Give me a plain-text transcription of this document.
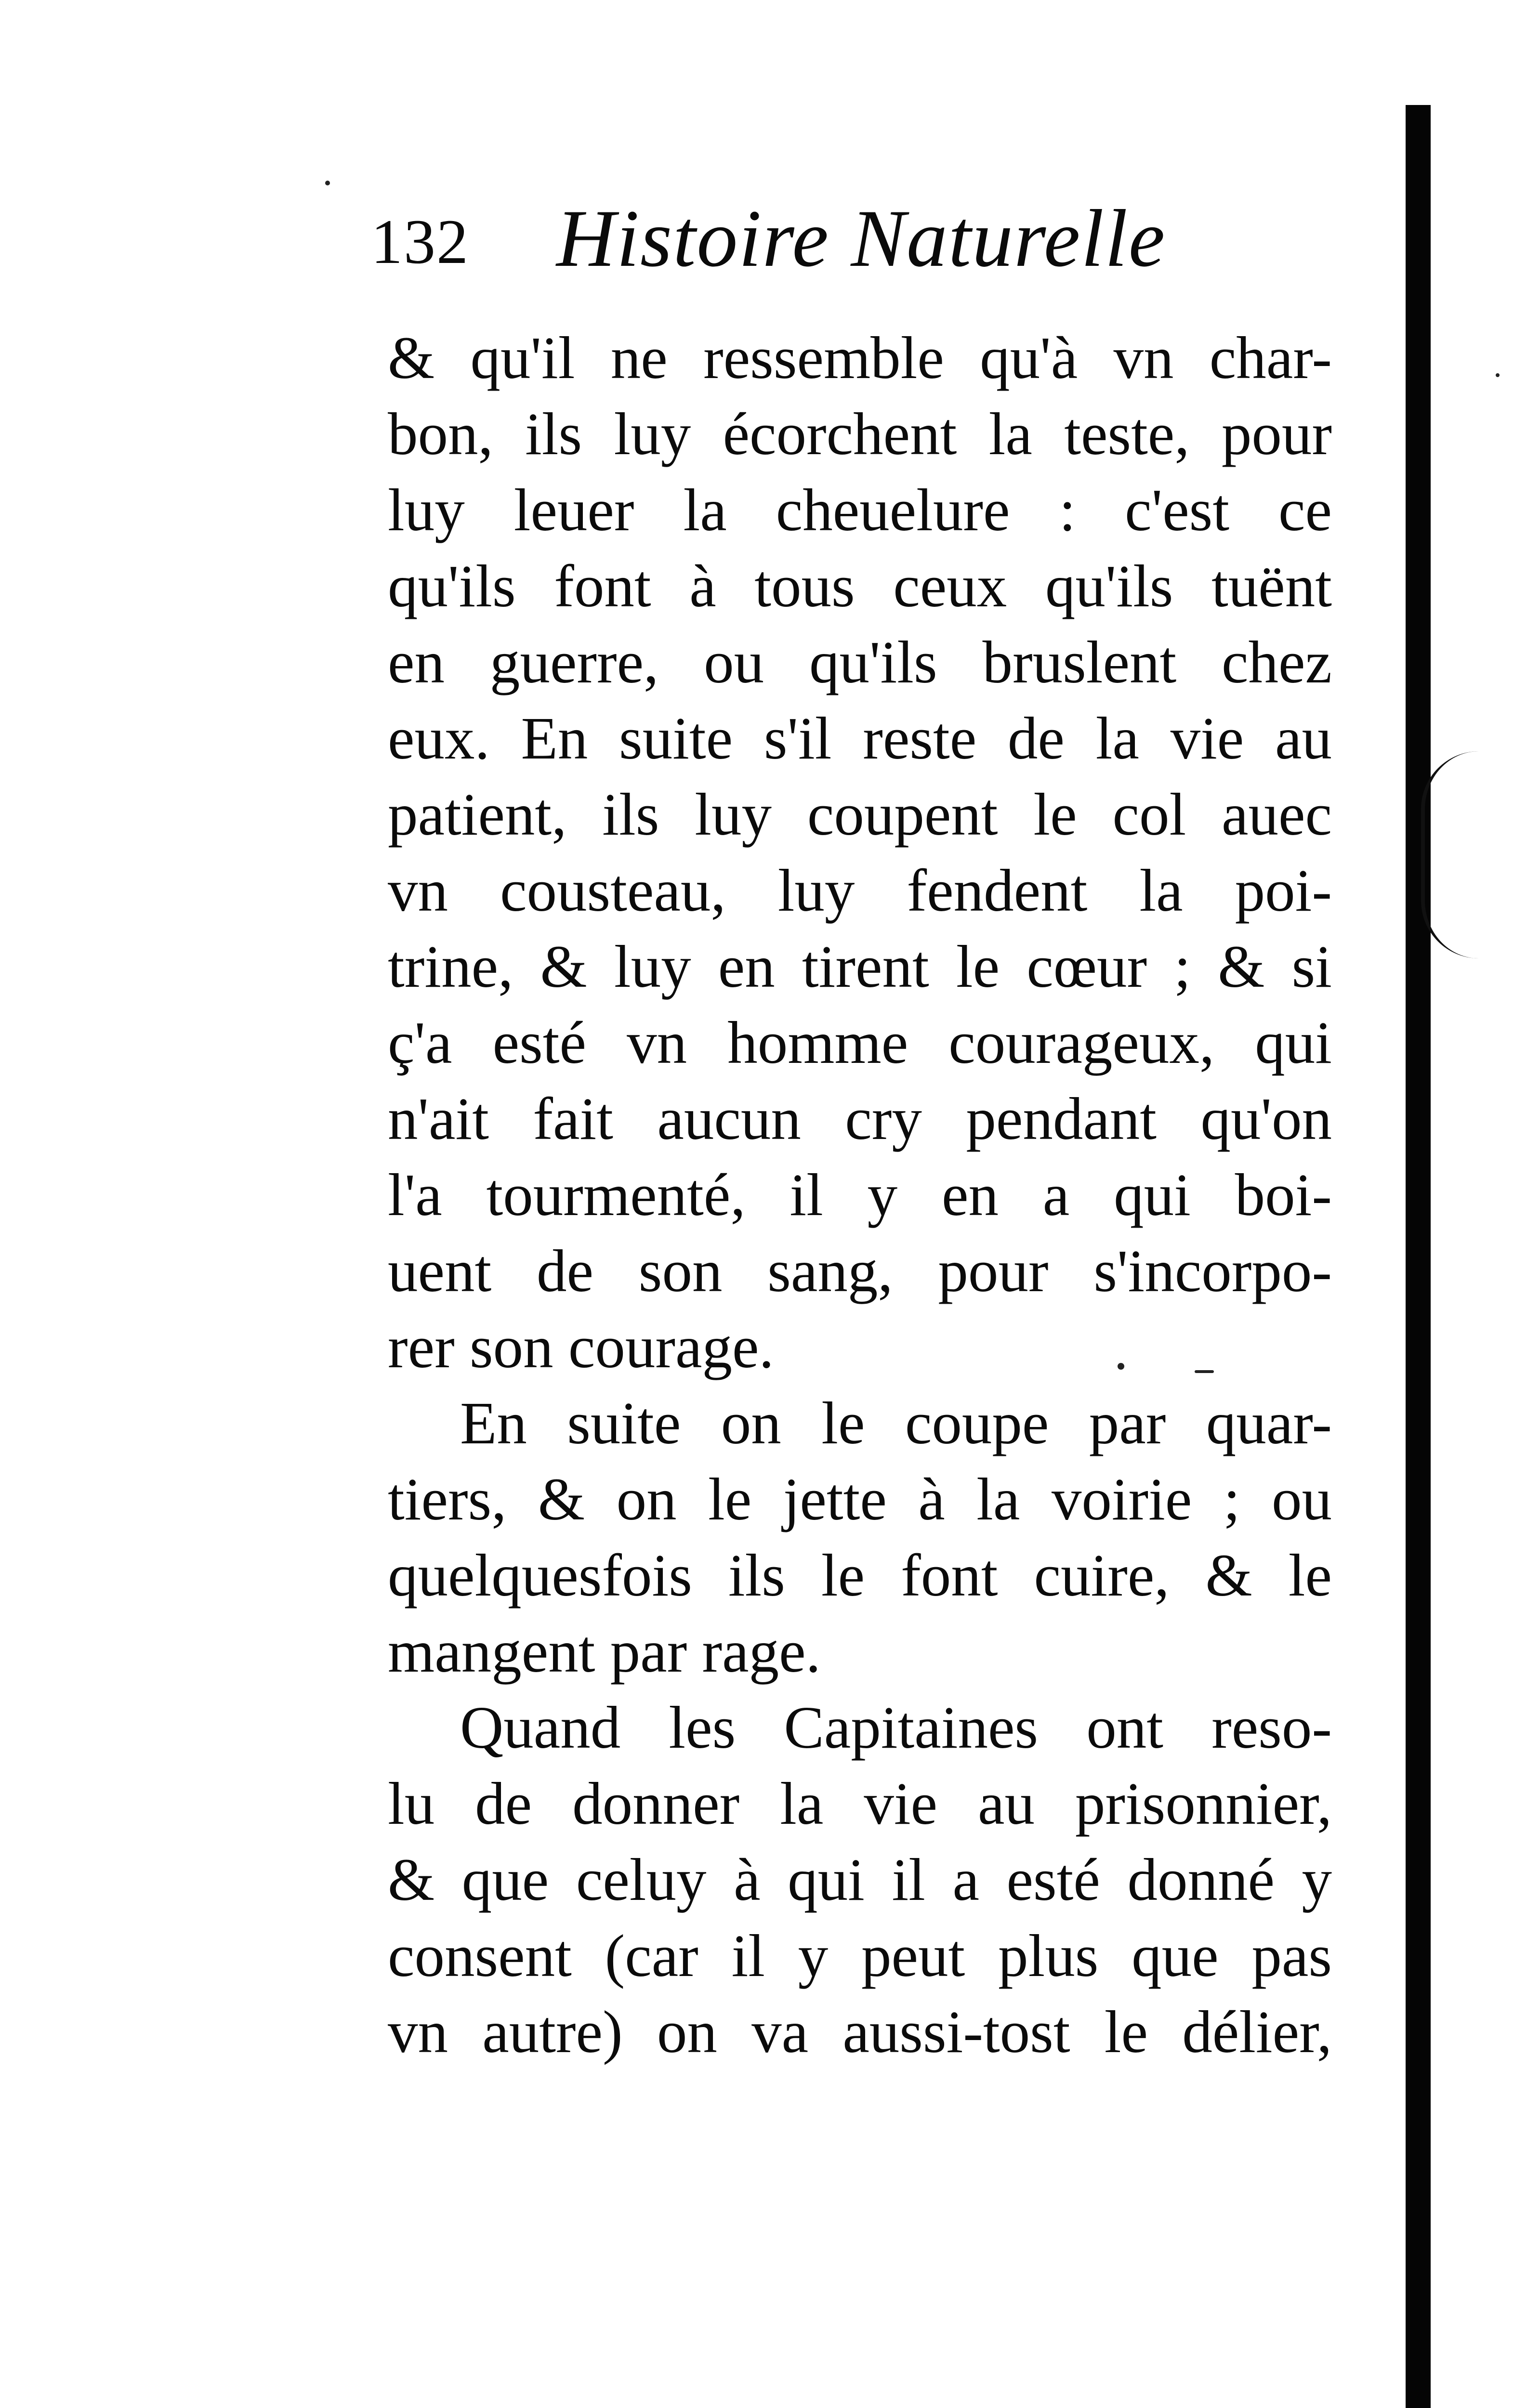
132 Histoire Naturelle
& qu'il ne ressemble qu'à vn char-
bon, ils luy écorchent la teste, pour
luy leuer la cheuelure : c'est ce
qu'ils font à tous ceux qu'ils tuënt
en guerre, ou qu'ils bruslent chez
eux. En suite s'il reste de la vie au
patient, ils luy coupent le col auec
vn cousteau, luy fendent la poi-
trine, & luy en tirent le cœur ; & si
ç'a esté vn homme courageux, qui
n'ait fait aucun cry pendant qu'on
l'a tourmenté, il y en a qui boi-
uent de son sang, pour s'incorpo-
rer son courage.
En suite on le coupe par quar-
tiers, & on le jette à la voirie ; ou
quelquesfois ils le font cuire, & le
mangent par rage.
Quand les Capitaines ont reso-
lu de donner la vie au prisonnier,
& que celuy à qui il a esté donné y
consent (car il y peut plus que pas
vn autre) on va aussi-tost le délier,
